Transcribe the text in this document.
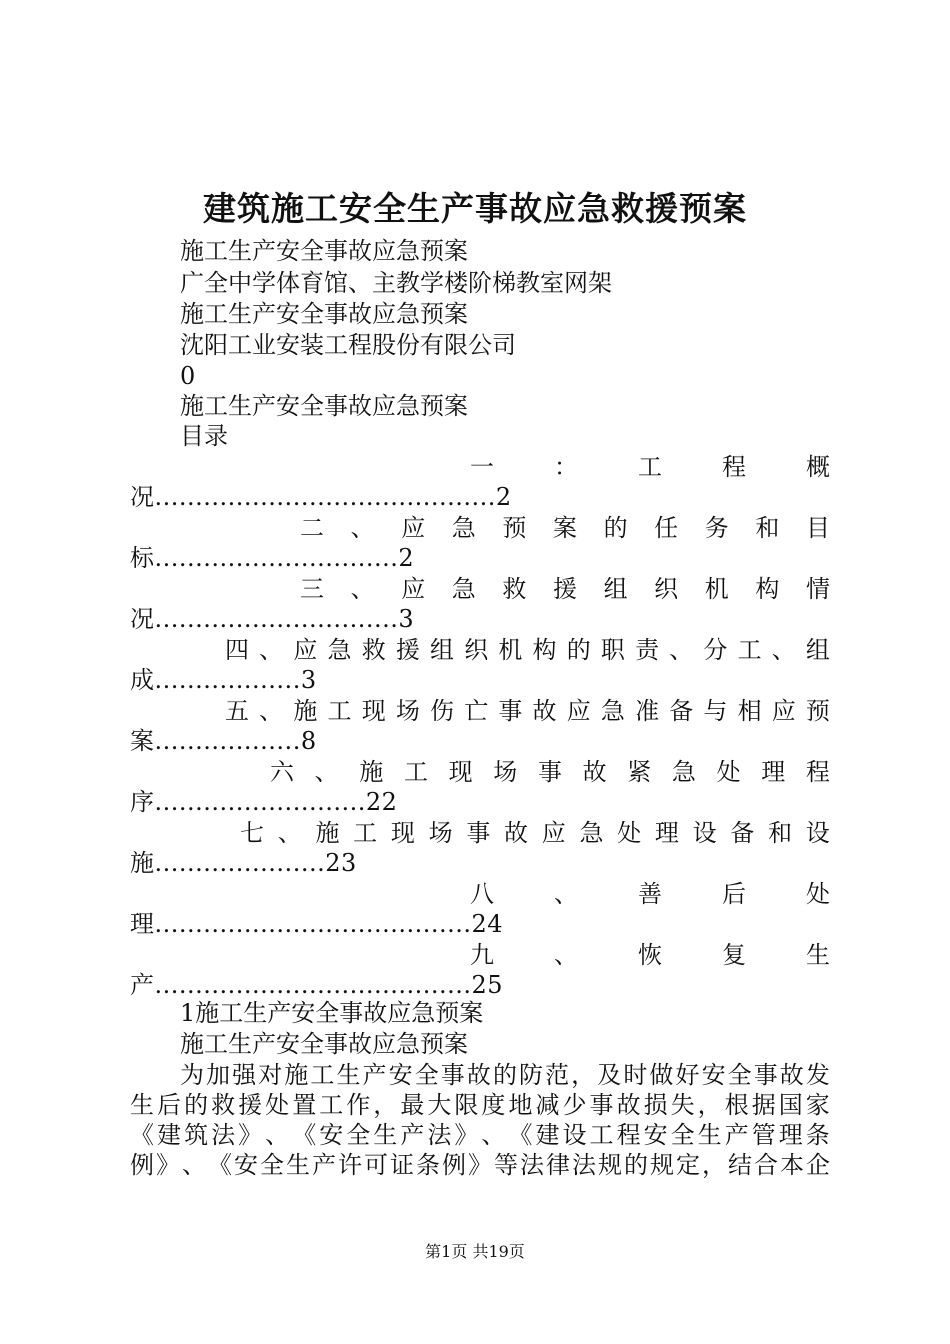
建筑施工安全生产事故应急救援预案
施工生产安全事故应急预案
广全中学体育馆、主教学楼阶梯教室网架
施工生产安全事故应急预案
沈阳工业安装工程股份有限公司
0
施工生产安全事故应急预案
目录
一	：	工	程	概
况..........................................2
二 、 应 急 预 案 的 任 务 和 目
标..............................2
三 、 应 急 救 援 组 织 机 构 情
况..............................3
四 、 应 急 救 援 组 织 机 构 的 职 责 、 分 工 、 组
成..................3
五 、 施 工 现 场 伤 亡 事 故 应 急 准 备 与 相 应 预
案..................8
六 、 施 工 现 场 事 故 紧 急 处 理 程
序..........................22
七 、 施 工 现 场 事 故 应 急 处 理 设 备 和 设
施.....................23
八	、	善	后	处
理.......................................24
九	、	恢	复	生
产.......................................25
1施工生产安全事故应急预案
施工生产安全事故应急预案
为 加 强 对 施 工 生 产 安 全 事 故 的 防 范 ， 及 时 做 好 安 全 事 故 发
生 后 的 救 援 处 置 工 作 ， 最 大 限 度 地 减 少 事 故 损 失 ， 根 据 国 家
《 建 筑 法 》 、 《 安 全 生 产 法 》 、 《 建 设 工 程 安 全 生 产 管 理 条
例 》 、 《 安 全 生 产 许 可 证 条 例 》 等 法 律 法 规 的 规 定 ， 结 合 本 企
第1页 共19页
